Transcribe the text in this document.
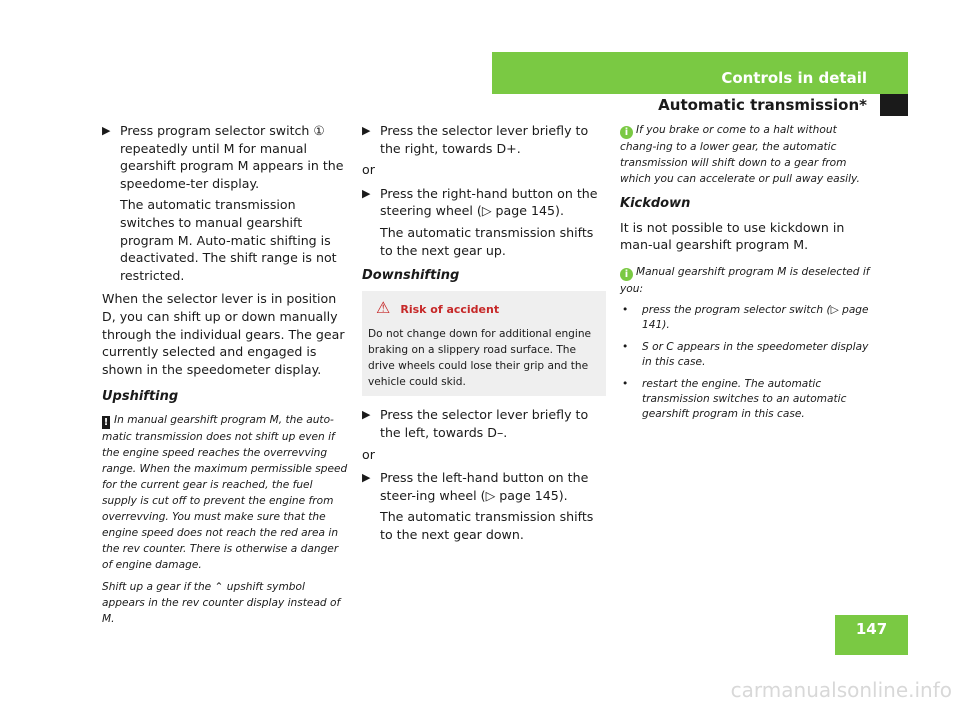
Controls in detail
Automatic transmission*
▶ Press program selector switch ① repeatedly until M for manual gearshift program M appears in the speedome-ter display.

The automatic transmission switches to manual gearshift program M. Auto-matic shifting is deactivated. The shift range is not restricted.

When the selector lever is in position D, you can shift up or down manually through the individual gears. The gear currently selected and engaged is shown in the speedometer display.

Upshifting

! In manual gearshift program M, the auto-matic transmission does not shift up even if the engine speed reaches the overrevving range. When the maximum permissible speed for the current gear is reached, the fuel supply is cut off to prevent the engine from overrevving. You must make sure that the engine speed does not reach the red area in the rev counter. There is otherwise a danger of engine damage.

Shift up a gear if the ⌃ upshift symbol appears in the rev counter display instead of M.

▶ Press the selector lever briefly to the right, towards D+.

or

▶ Press the right-hand button on the steering wheel (▷ page 145).

The automatic transmission shifts to the next gear up.

Downshifting

⚠ Risk of accident

Do not change down for additional engine braking on a slippery road surface. The drive wheels could lose their grip and the vehicle could skid.

▶ Press the selector lever briefly to the left, towards D–.

or

▶ Press the left-hand button on the steer-ing wheel (▷ page 145).

The automatic transmission shifts to the next gear down.

i If you brake or come to a halt without chang-ing to a lower gear, the automatic transmission will shift down to a gear from which you can accelerate or pull away easily.

Kickdown

It is not possible to use kickdown in man-ual gearshift program M.

i Manual gearshift program M is deselected if you:

• press the program selector switch (▷ page 141).
• S or C appears in the speedometer display in this case.
• restart the engine. The automatic transmission switches to an automatic gearshift program in this case.
147
carmanualsonline.info
